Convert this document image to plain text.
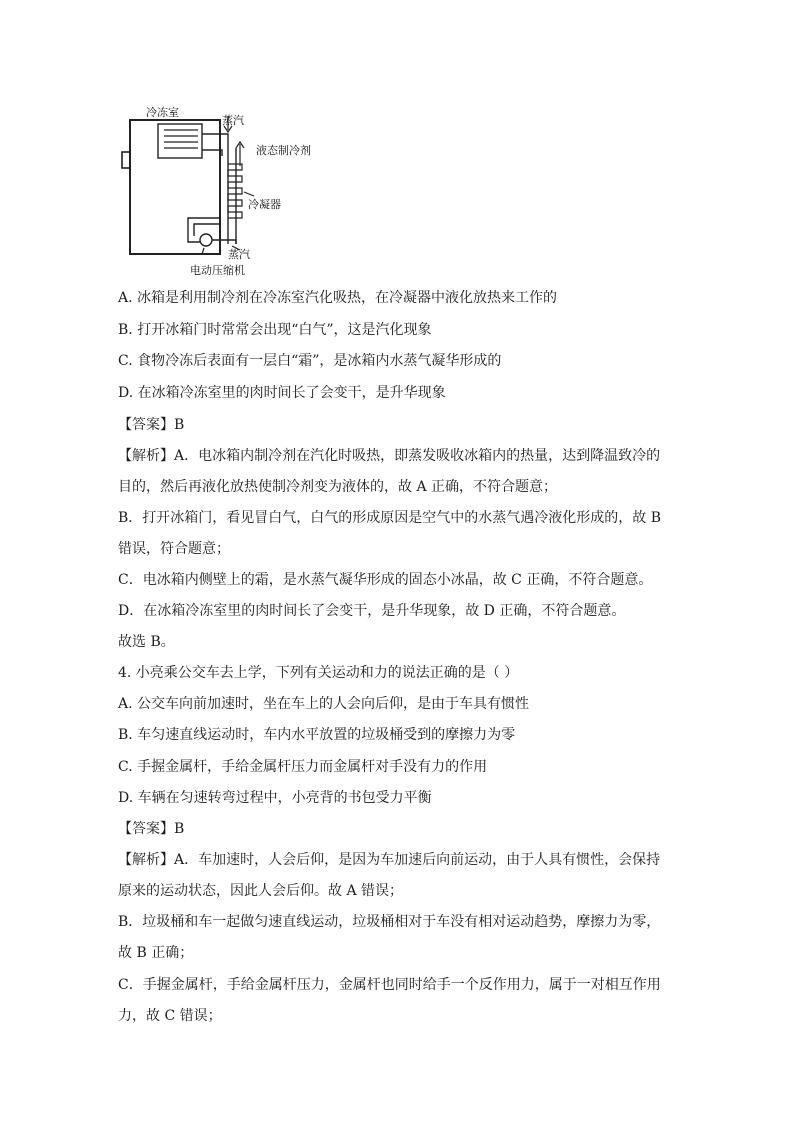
冷冻室
蒸汽
液态制冷剂
冷凝器
蒸汽
电动压缩机
A. 冰箱是利用制冷剂在冷冻室汽化吸热，在冷凝器中液化放热来工作的
B. 打开冰箱门时常常会出现“白气”，这是汽化现象
C. 食物冷冻后表面有一层白“霜”，是冰箱内水蒸气凝华形成的
D. 在冰箱冷冻室里的肉时间长了会变干，是升华现象
【答案】B
【解析】A．电冰箱内制冷剂在汽化时吸热，即蒸发吸收冰箱内的热量，达到降温致冷的
目的，然后再液化放热使制冷剂变为液体的，故 A 正确，不符合题意；
B．打开冰箱门，看见冒白气，白气的形成原因是空气中的水蒸气遇冷液化形成的，故 B
错误，符合题意；
C．电冰箱内侧壁上的霜，是水蒸气凝华形成的固态小冰晶，故 C 正确，不符合题意。
D．在冰箱冷冻室里的肉时间长了会变干，是升华现象，故 D 正确，不符合题意。
故选 B。
4. 小亮乘公交车去上学，下列有关运动和力的说法正确的是（ ）
A. 公交车向前加速时，坐在车上的人会向后仰，是由于车具有惯性
B. 车匀速直线运动时，车内水平放置的垃圾桶受到的摩擦力为零
C. 手握金属杆，手给金属杆压力而金属杆对手没有力的作用
D. 车辆在匀速转弯过程中，小亮背的书包受力平衡
【答案】B
【解析】A．车加速时，人会后仰，是因为车加速后向前运动，由于人具有惯性，会保持
原来的运动状态，因此人会后仰。故 A 错误；
B．垃圾桶和车一起做匀速直线运动，垃圾桶相对于车没有相对运动趋势，摩擦力为零，
故 B 正确；
C．手握金属杆，手给金属杆压力，金属杆也同时给手一个反作用力，属于一对相互作用
力，故 C 错误；
